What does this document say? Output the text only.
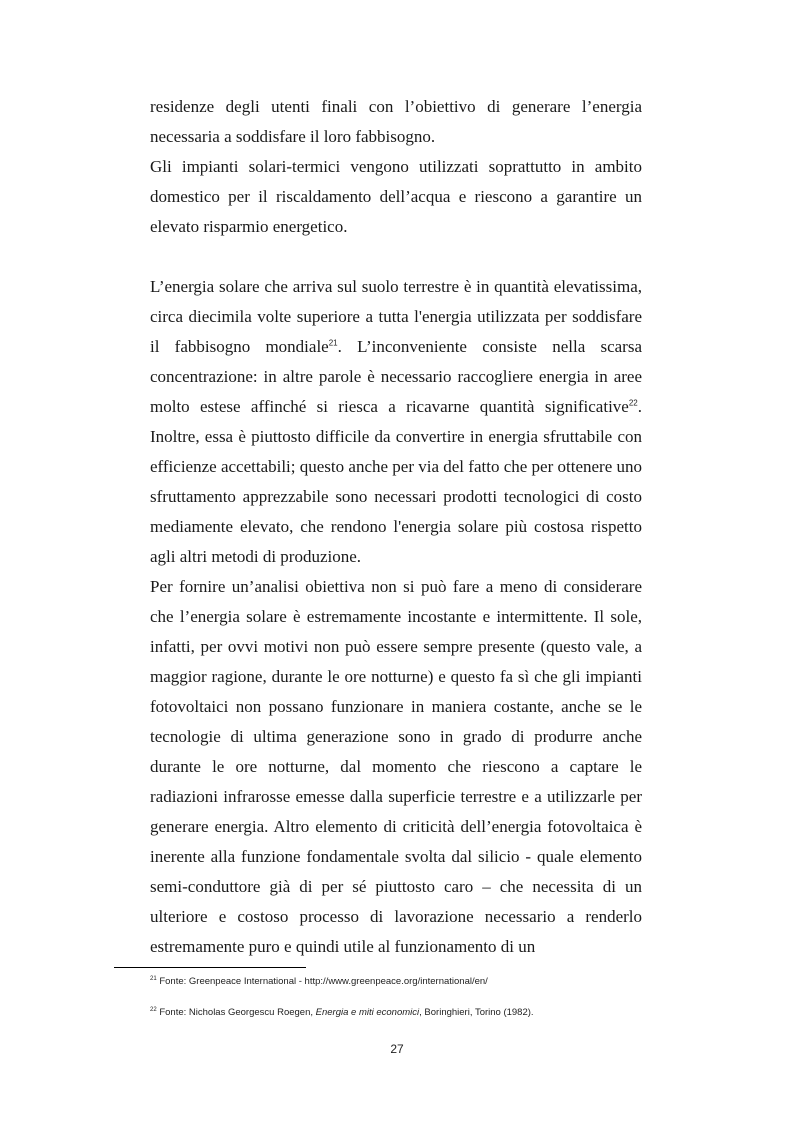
residenze degli utenti finali con l’obiettivo di generare l’energia necessaria a soddisfare il loro fabbisogno.

Gli impianti solari-termici vengono utilizzati soprattutto in ambito domestico per il riscaldamento dell’acqua e riescono a garantire un elevato risparmio energetico.

L’energia solare che arriva sul suolo terrestre è in quantità elevatissima, circa diecimila volte superiore a tutta l'energia utilizzata per soddisfare il fabbisogno mondiale$^{21}$. L’inconveniente consiste nella scarsa concentrazione: in altre parole è necessario raccogliere energia in aree molto estese affinché si riesca a ricavarne quantità significative$^{22}$. Inoltre, essa è piuttosto difficile da convertire in energia sfruttabile con efficienze accettabili; questo anche per via del fatto che per ottenere uno sfruttamento apprezzabile sono necessari prodotti tecnologici di costo mediamente elevato, che rendono l'energia solare più costosa rispetto agli altri metodi di produzione.

Per fornire un’analisi obiettiva non si può fare a meno di considerare che l’energia solare è estremamente incostante e intermittente. Il sole, infatti, per ovvi motivi non può essere sempre presente (questo vale, a maggior ragione, durante le ore notturne) e questo fa sì che gli impianti fotovoltaici non possano funzionare in maniera costante, anche se le tecnologie di ultima generazione sono in grado di produrre anche durante le ore notturne, dal momento che riescono a captare le radiazioni infrarosse emesse dalla superficie terrestre e a utilizzarle per generare energia. Altro elemento di criticità dell’energia fotovoltaica è inerente alla funzione fondamentale svolta dal silicio - quale elemento semi-conduttore già di per sé piuttosto caro – che necessita di un ulteriore e costoso processo di lavorazione necessario a renderlo estremamente puro e quindi utile al funzionamento di un

$^{21}$ Fonte: Greenpeace International - http://www.greenpeace.org/international/en/
$^{22}$ Fonte: Nicholas Georgescu Roegen, Energia e miti economici, Boringhieri, Torino (1982).
27
